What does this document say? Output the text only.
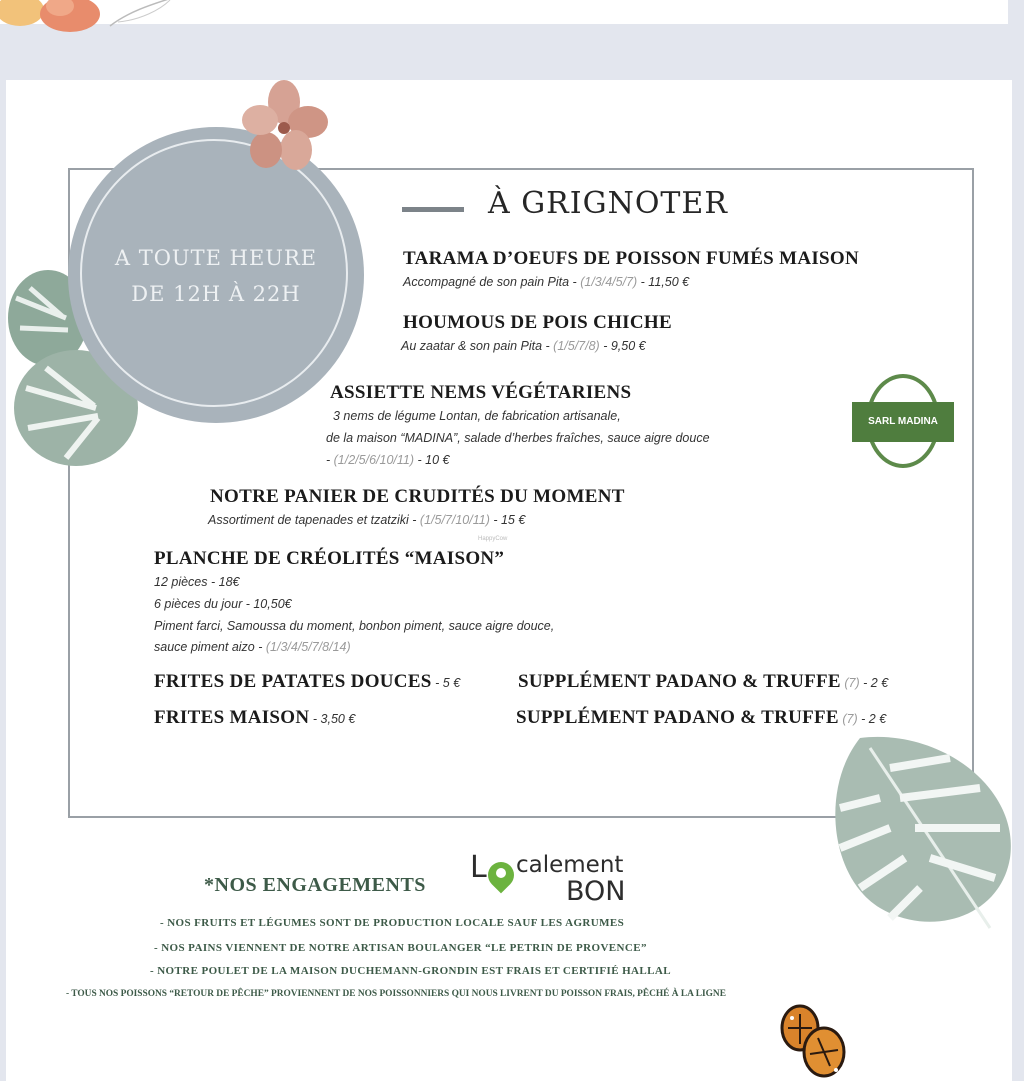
A TOUTE HEURE
DE 12H À 22H
À GRIGNOTER
TARAMA D’OEUFS DE POISSON FUMÉS MAISON
Accompagné de son pain Pita - (1/3/4/5/7) - 11,50 €
HOUMOUS DE POIS CHICHE
Au zaatar & son pain Pita - (1/5/7/8) - 9,50 €
ASSIETTE NEMS VÉGÉTARIENS
3 nems de légume Lontan, de fabrication artisanale,
de la maison “MADINA”, salade d’herbes fraîches, sauce aigre douce
- (1/2/5/6/10/11) - 10 €
SARL MADINA
NOTRE PANIER DE CRUDITÉS DU MOMENT
Assortiment de tapenades et tzatziki - (1/5/7/10/11) - 15 €
HappyCow
PLANCHE DE CRÉOLITÉS “MAISON”
12 pièces - 18€
6 pièces du jour - 10,50€
Piment farci, Samoussa du moment, bonbon piment, sauce aigre douce,
sauce piment aizo - (1/3/4/5/7/8/14)
FRITES DE PATATES DOUCES - 5 €
FRITES MAISON - 3,50 €
SUPPLÉMENT PADANO & TRUFFE (7) - 2 €
SUPPLÉMENT PADANO & TRUFFE (7) - 2 €
*NOS ENGAGEMENTS L calement
BON
- NOS FRUITS ET LÉGUMES SONT DE PRODUCTION LOCALE SAUF LES AGRUMES
- NOS PAINS VIENNENT DE NOTRE ARTISAN BOULANGER “LE PETRIN DE PROVENCE”
- NOTRE POULET DE LA MAISON DUCHEMANN-GRONDIN EST FRAIS ET CERTIFIÉ HALLAL
- TOUS NOS POISSONS “RETOUR DE PÊCHE” PROVIENNENT DE NOS POISSONNIERS QUI NOUS LIVRENT DU POISSON FRAIS, PÊCHÉ À LA LIGNE
